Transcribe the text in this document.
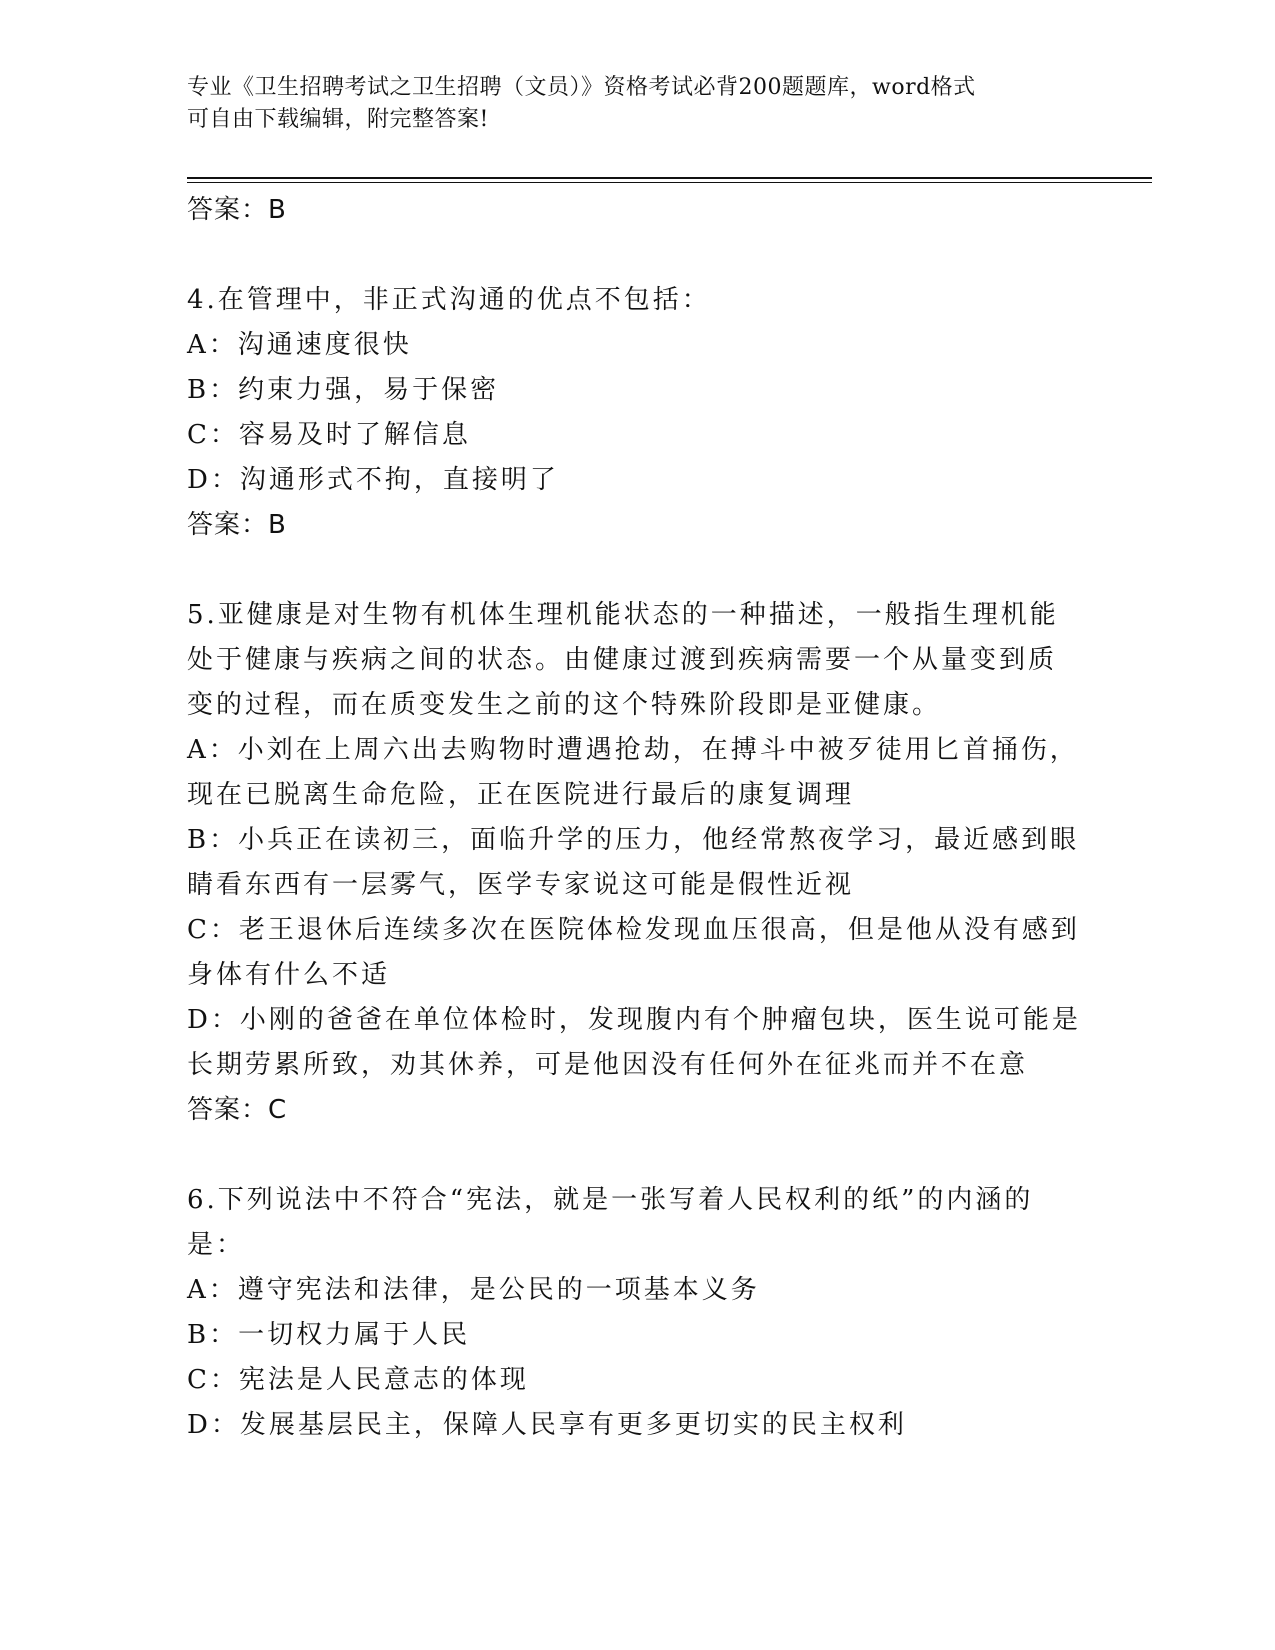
专业《卫生招聘考试之卫生招聘（文员）》资格考试必背200题题库，word格式
可自由下载编辑，附完整答案!
答案：B
4.在管理中，非正式沟通的优点不包括：
A：沟通速度很快
B：约束力强，易于保密
C：容易及时了解信息
D：沟通形式不拘，直接明了
答案：B
5.亚健康是对生物有机体生理机能状态的一种描述，一般指生理机能
处于健康与疾病之间的状态。由健康过渡到疾病需要一个从量变到质
变的过程，而在质变发生之前的这个特殊阶段即是亚健康。
A：小刘在上周六出去购物时遭遇抢劫，在搏斗中被歹徒用匕首捅伤，
现在已脱离生命危险，正在医院进行最后的康复调理
B：小兵正在读初三，面临升学的压力，他经常熬夜学习，最近感到眼
睛看东西有一层雾气，医学专家说这可能是假性近视
C：老王退休后连续多次在医院体检发现血压很高，但是他从没有感到
身体有什么不适
D：小刚的爸爸在单位体检时，发现腹内有个肿瘤包块，医生说可能是
长期劳累所致，劝其休养，可是他因没有任何外在征兆而并不在意
答案：C
6.下列说法中不符合“宪法，就是一张写着人民权利的纸”的内涵的
是：
A：遵守宪法和法律，是公民的一项基本义务
B：一切权力属于人民
C：宪法是人民意志的体现
D：发展基层民主，保障人民享有更多更切实的民主权利
